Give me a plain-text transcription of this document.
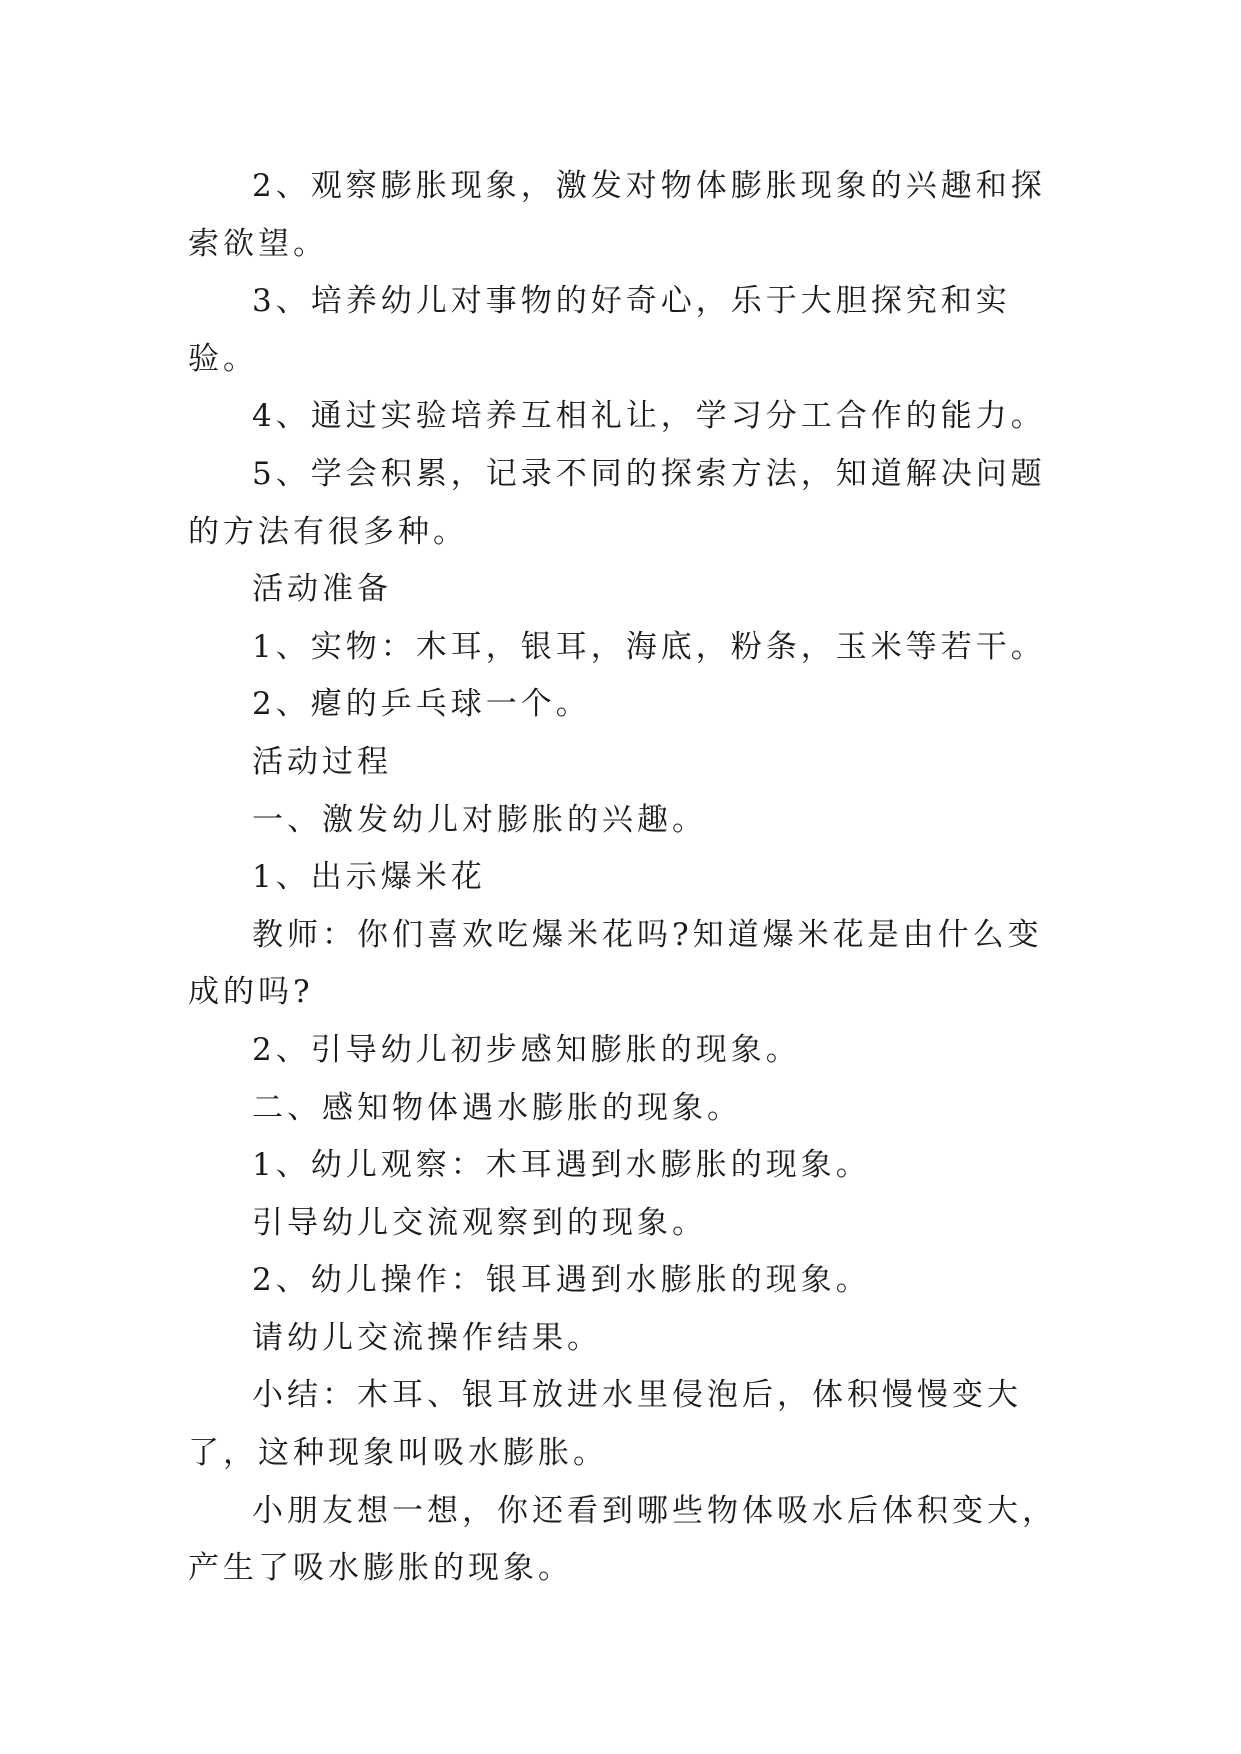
2、观察膨胀现象，激发对物体膨胀现象的兴趣和探索欲望。

3、培养幼儿对事物的好奇心，乐于大胆探究和实验。

4、通过实验培养互相礼让，学习分工合作的能力。

5、学会积累，记录不同的探索方法，知道解决问题的方法有很多种。

活动准备

1、实物：木耳，银耳，海底，粉条，玉米等若干。

2、瘪的乒乓球一个。

活动过程

一、激发幼儿对膨胀的兴趣。

1、出示爆米花

教师：你们喜欢吃爆米花吗?知道爆米花是由什么变成的吗?

2、引导幼儿初步感知膨胀的现象。

二、感知物体遇水膨胀的现象。

1、幼儿观察：木耳遇到水膨胀的现象。

引导幼儿交流观察到的现象。

2、幼儿操作：银耳遇到水膨胀的现象。

请幼儿交流操作结果。

小结：木耳、银耳放进水里侵泡后，体积慢慢变大了，这种现象叫吸水膨胀。

小朋友想一想，你还看到哪些物体吸水后体积变大，产生了吸水膨胀的现象。
